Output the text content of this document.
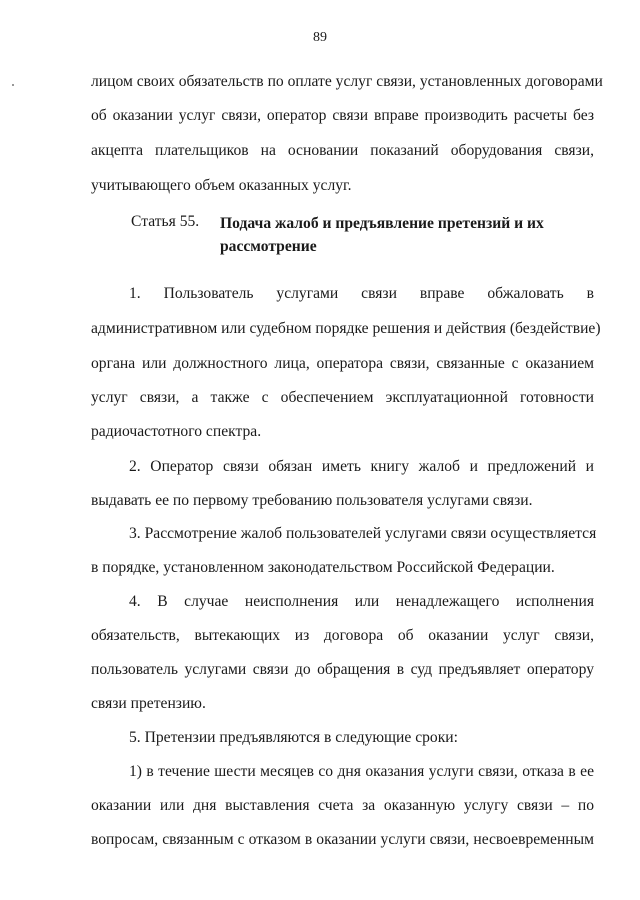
89
лицом своих обязательств по оплате услуг связи, установленных договорами
об оказании услуг связи, оператор связи вправе производить расчеты без
акцепта плательщиков на основании показаний оборудования связи,
учитывающего объем оказанных услуг.
Статья 55. Подача жалоб и предъявление претензий и их рассмотрение
1. Пользователь услугами связи вправе обжаловать в
административном или судебном порядке решения и действия (бездействие)
органа или должностного лица, оператора связи, связанные с оказанием
услуг связи, а также с обеспечением эксплуатационной готовности
радиочастотного спектра.
2. Оператор связи обязан иметь книгу жалоб и предложений и
выдавать ее по первому требованию пользователя услугами связи.
3. Рассмотрение жалоб пользователей услугами связи осуществляется
в порядке, установленном законодательством Российской Федерации.
4. В случае неисполнения или ненадлежащего исполнения
обязательств, вытекающих из договора об оказании услуг связи,
пользователь услугами связи до обращения в суд предъявляет оператору
связи претензию.
5. Претензии предъявляются в следующие сроки:
1) в течение шести месяцев со дня оказания услуги связи, отказа в ее
оказании или дня выставления счета за оказанную услугу связи – по
вопросам, связанным с отказом в оказании услуги связи, несвоевременным
